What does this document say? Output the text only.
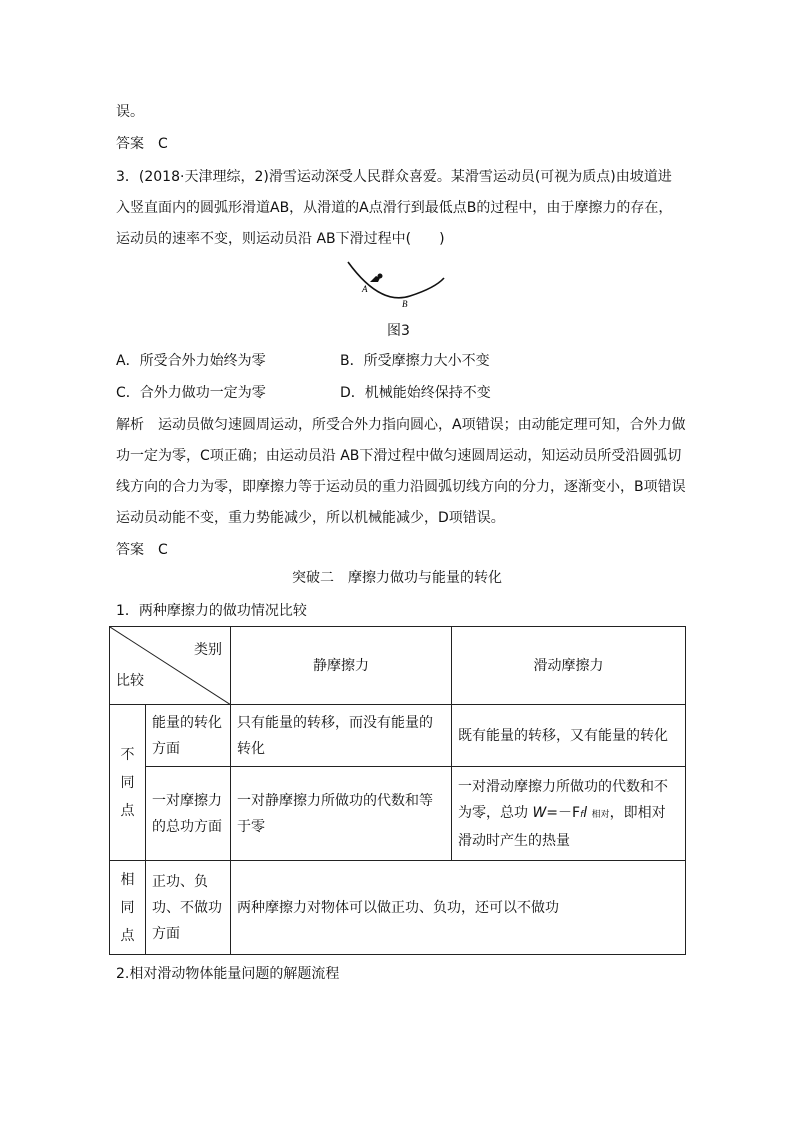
误。
答案　C
3．(2018·天津理综，2)滑雪运动深受人民群众喜爱。某滑雪运动员(可视为质点)由坡道进
入竖直面内的圆弧形滑道AB，从滑道的A点滑行到最低点B的过程中，由于摩擦力的存在，
运动员的速率不变，则运动员沿 AB下滑过程中(　　)
A
B
图3
A．所受合外力始终为零	B．所受摩擦力大小不变
C．合外力做功一定为零	D．机械能始终保持不变
解析　运动员做匀速圆周运动，所受合外力指向圆心，A项错误；由动能定理可知，合外力做
功一定为零，C项正确；由运动员沿 AB下滑过程中做匀速圆周运动，知运动员所受沿圆弧切
线方向的合力为零，即摩擦力等于运动员的重力沿圆弧切线方向的分力，逐渐变小，B项错误
运动员动能不变，重力势能减少，所以机械能减少，D项错误。
答案　C
突破二　摩擦力做功与能量的转化
1．两种摩擦力的做功情况比较
类别
比较		静摩擦力	滑动摩擦力

不同点	能量的转化方面	只有能量的转移，而没有能量的转化	既有能量的转移，又有能量的转化
	一对摩擦力的总功方面	一对静摩擦力所做功的代数和等于零	一对滑动摩擦力所做功的代数和不为零，总功 W=－Ffl 相对，即相对滑动时产生的热量

相同点	正功、负功、不做功方面	两种摩擦力对物体可以做正功、负功，还可以不做功	
2.相对滑动物体能量问题的解题流程
